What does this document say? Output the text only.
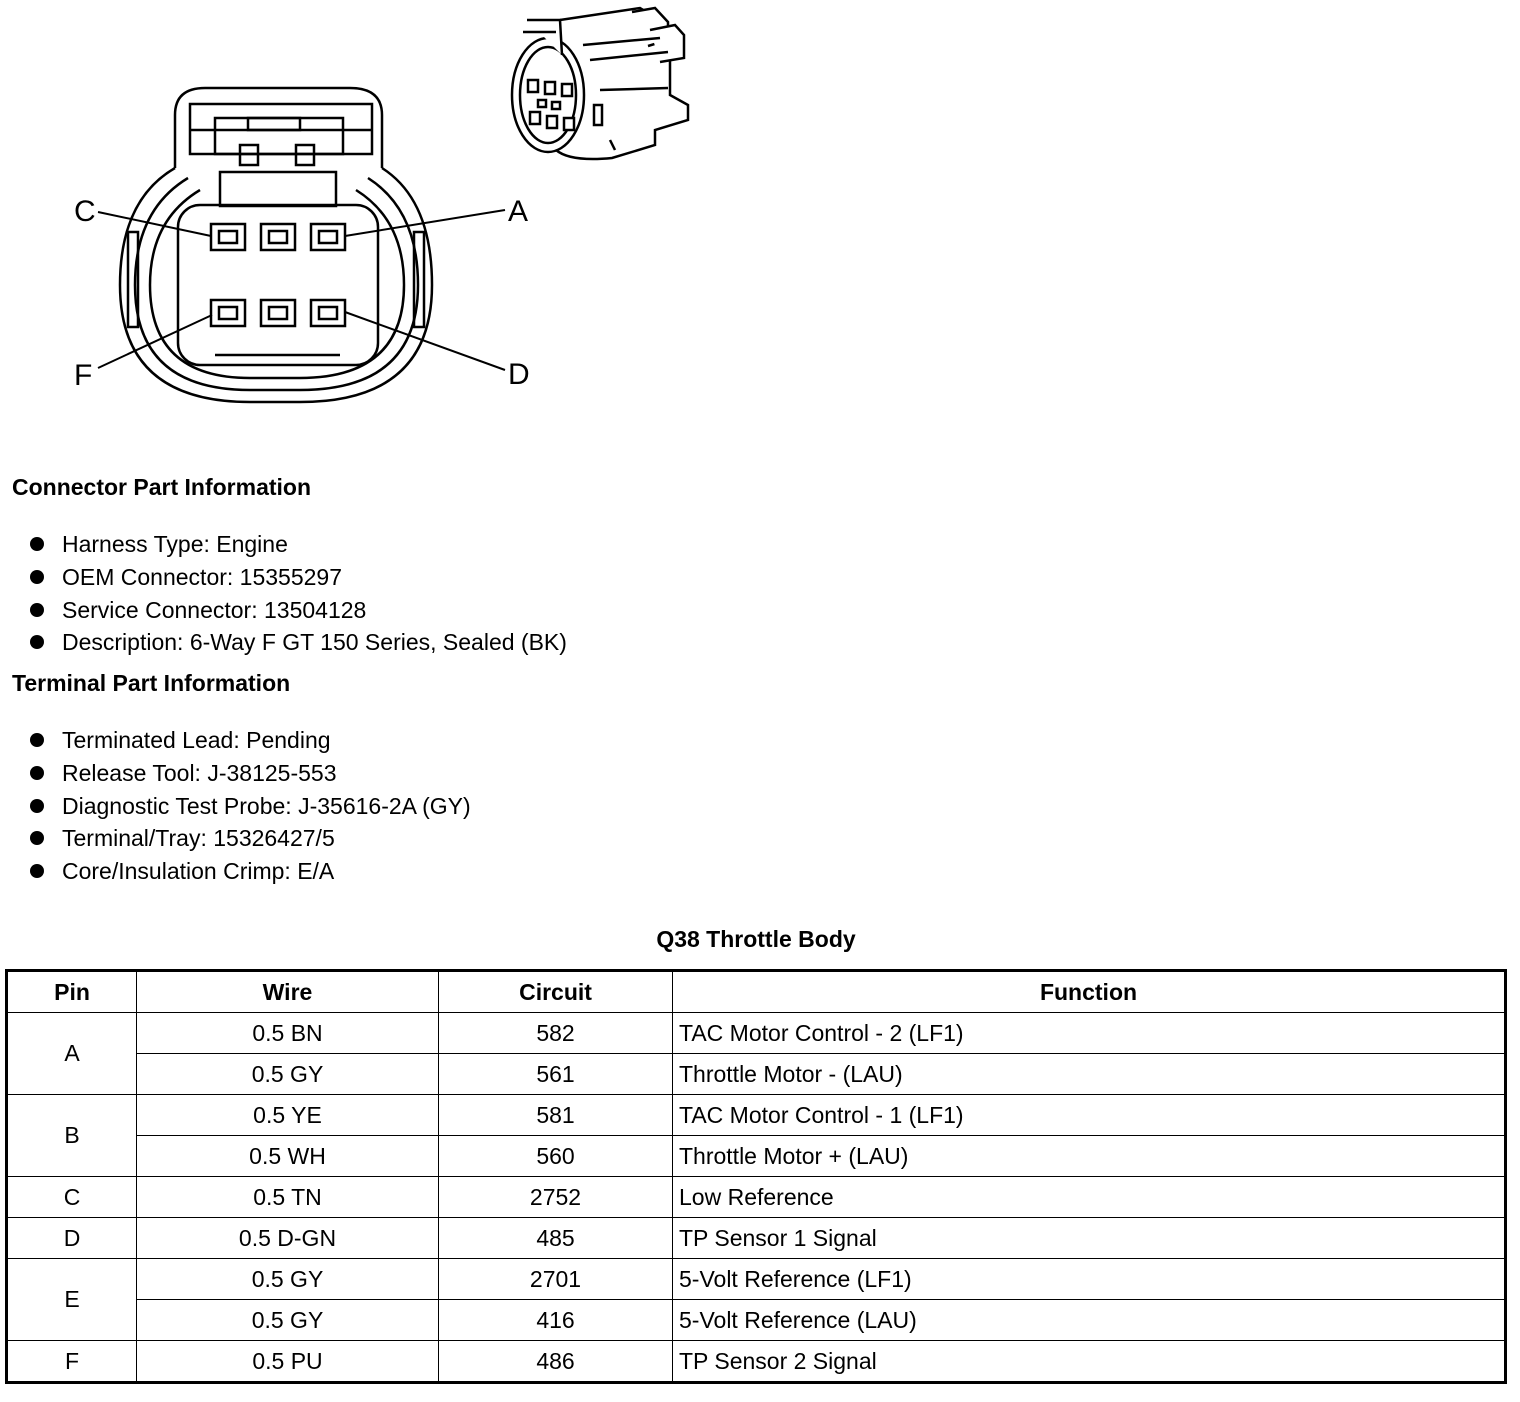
C	A
F	D
Connector Part Information
Harness Type: Engine
OEM Connector: 15355297
Service Connector: 13504128
Description: 6-Way F GT 150 Series, Sealed (BK)
Terminal Part Information
Terminated Lead: Pending
Release Tool: J-38125-553
Diagnostic Test Probe: J-35616-2A (GY)
Terminal/Tray: 15326427/5
Core/Insulation Crimp: E/A
Q38 Throttle Body
Pin	Wire	Circuit	Function
A	0.5 BN	582	TAC Motor Control - 2 (LF1)
	0.5 GY	561	Throttle Motor - (LAU)
B	0.5 YE	581	TAC Motor Control - 1 (LF1)
	0.5 WH	560	Throttle Motor + (LAU)
C	0.5 TN	2752	Low Reference
D	0.5 D-GN	485	TP Sensor 1 Signal
E	0.5 GY	2701	5-Volt Reference (LF1)
	0.5 GY	416	5-Volt Reference (LAU)
F	0.5 PU	486	TP Sensor 2 Signal
